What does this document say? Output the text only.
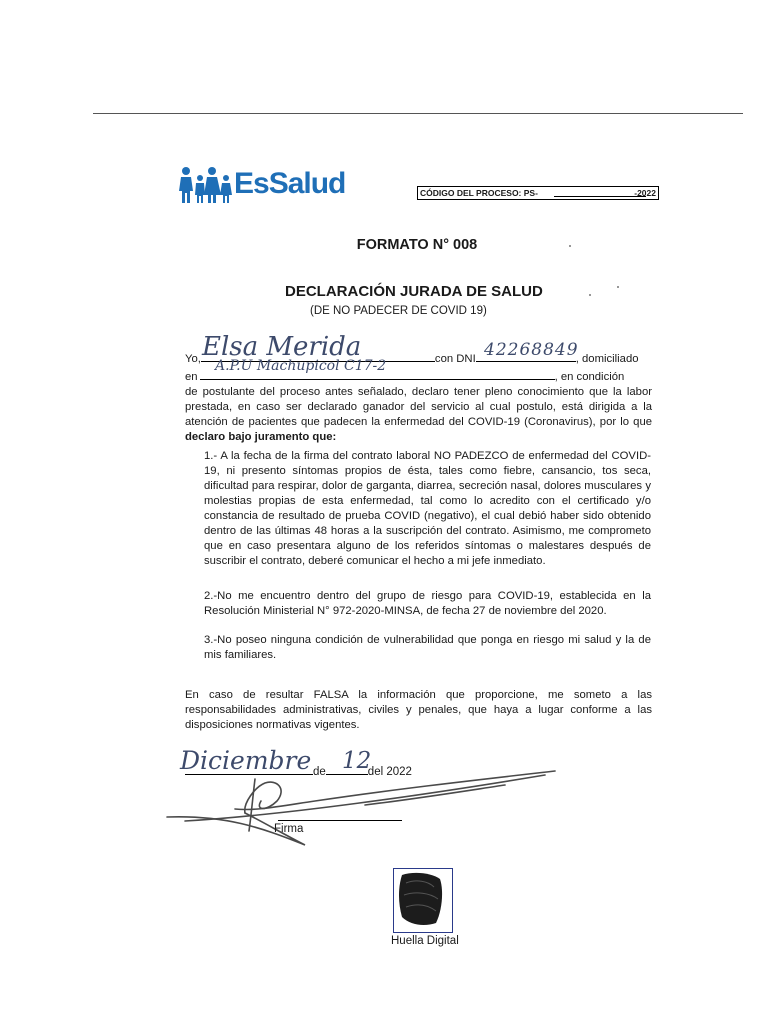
EsSalud	CÓDIGO DEL PROCESO: PS-	-2022
FORMATO N° 008
DECLARACIÓN JURADA DE SALUD
(DE NO PADECER DE COVID 19)
Yo,	con DNI	, domiciliado
en	, en condición
de postulante del proceso antes señalado, declaro tener pleno conocimiento que la labor prestada, en caso ser declarado ganador del servicio al cual postulo, está dirigida a la atención de pacientes que padecen la enfermedad del COVID-19 (Coronavirus), por lo que declaro bajo juramento que:
Elsa Merida	42268849
A.P.U Machupicol C17-2
1.- A la fecha de la firma del contrato laboral NO PADEZCO de enfermedad del COVID-19, ni presento síntomas propios de ésta, tales como fiebre, cansancio, tos seca, dificultad para respirar, dolor de garganta, diarrea, secreción nasal, dolores musculares y molestias propias de esta enfermedad, tal como lo acredito con el certificado y/o constancia de resultado de prueba COVID (negativo), el cual debió haber sido obtenido dentro de las últimas 48 horas a la suscripción del contrato. Asimismo, me comprometo que en caso presentara alguno de los referidos síntomas o malestares después de suscribir el contrato, deberé comunicar el hecho a mi jefe inmediato.
2.-No me encuentro dentro del grupo de riesgo para COVID-19, establecida en la Resolución Ministerial N° 972-2020-MINSA, de fecha 27 de noviembre del 2020.
3.-No poseo ninguna condición de vulnerabilidad que ponga en riesgo mi salud y la de mis familiares.
En caso de resultar FALSA la información que proporcione, me someto a las responsabilidades administrativas, civiles y penales, que haya a lugar conforme a las disposiciones normativas vigentes.
de	del 2022
Diciembre 12
Firma
Huella Digital
